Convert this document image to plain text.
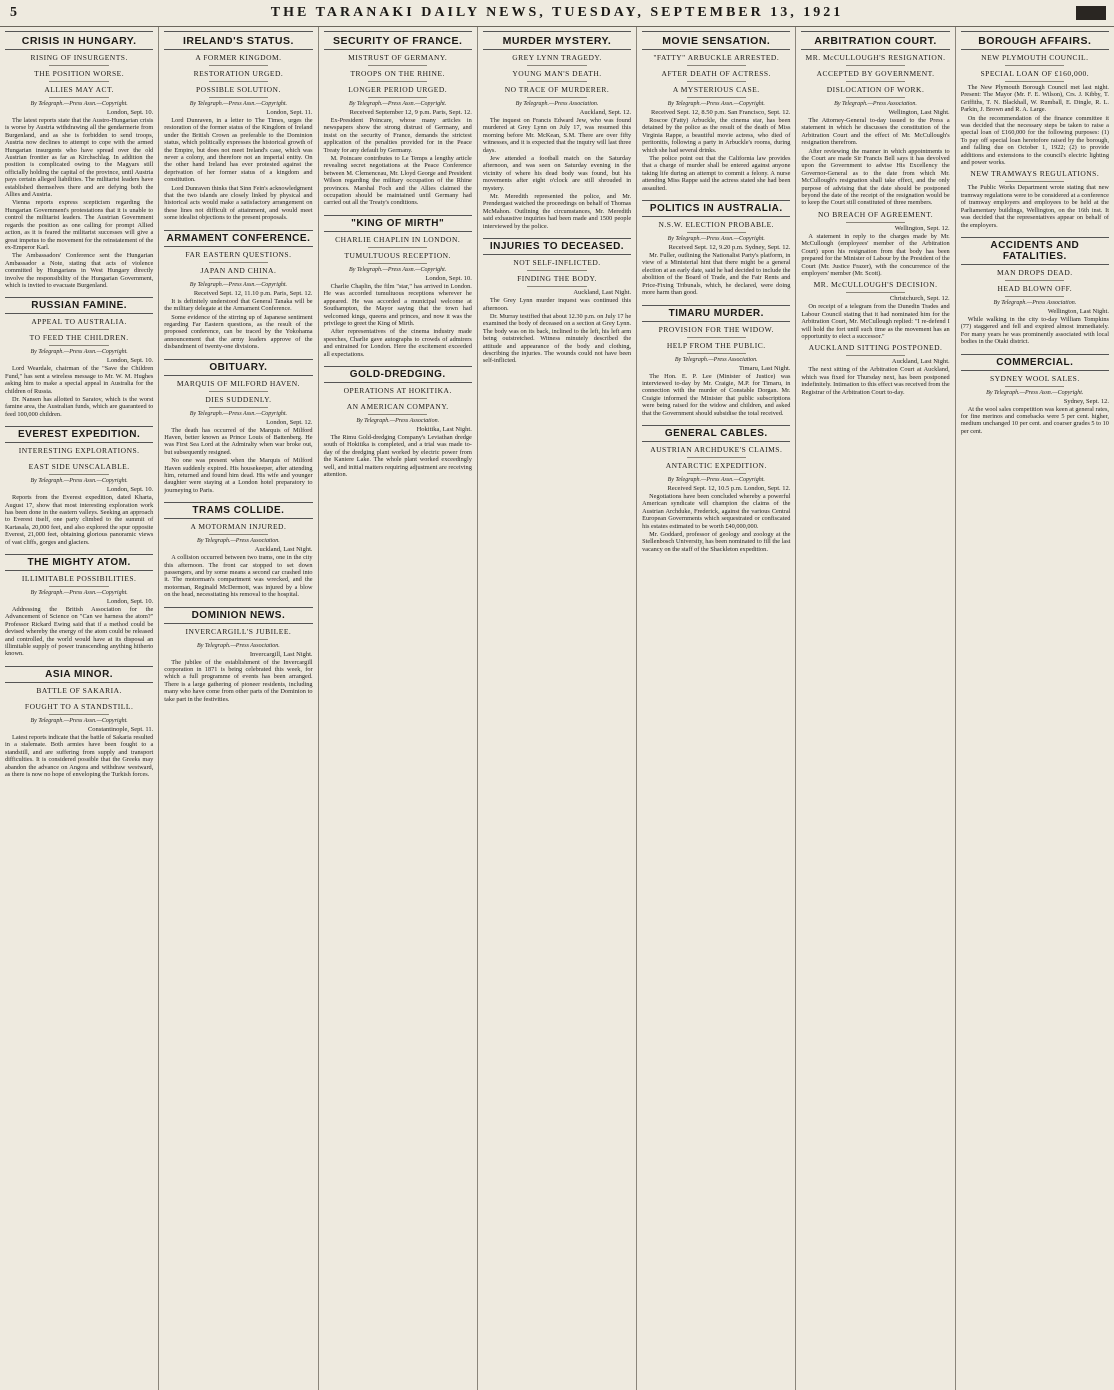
5	THE TARANAKI DAILY NEWS, TUESDAY, SEPTEMBER 13, 1921
CRISIS IN HUNGARY.
RISING OF INSURGENTS.
THE POSITION WORSE.
ALLIES MAY ACT.
By Telegraph.—Press Assn.—Copyright.
London, Sept. 10.

The latest reports state that the Austro-Hungarian crisis is worse by Austria withdrawing all the gendarmerie from Burgenland, and as she is forbidden to send troops, Austria now declines to attempt to cope with the armed Hungarian insurgents who have spread over the old Austrian frontier as far as Kirchschlag. In addition the position is complicated owing to the Magyars still officially holding the capital of the province, until Austria pays certain alleged liabilities. The militarist leaders have established themselves there and are defying both the Allies and Austria.

Vienna reports express scepticism regarding the Hungarian Government's protestations that it is unable to control the militarist leaders. The Austrian Government regards the position as one calling for prompt Allied action, as it is feared the militarist successes will give a great impetus to the movement for the reinstatement of the ex-Emperor Karl.

The Ambassadors' Conference sent the Hungarian Ambassador a Note, stating that acts of violence committed by Hungarians in West Hungary directly involve the responsibility of the Hungarian Government, which is invited to evacuate Burgenland.

RUSSIAN FAMINE.
APPEAL TO AUSTRALIA.
TO FEED THE CHILDREN.
By Telegraph.—Press Assn.—Copyright.
London, Sept. 10.

Lord Weardale, chairman of the "Save the Children Fund," has sent a wireless message to Mr. W. M. Hughes asking him to make a special appeal in Australia for the children of Russia.

Dr. Nansen has allotted to Saratov, which is the worst famine area, the Australian funds, which are guaranteed to feed 100,000 children.

EVEREST EXPEDITION.
INTERESTING EXPLORATIONS.
EAST SIDE UNSCALABLE.
By Telegraph.—Press Assn.—Copyright.
London, Sept. 10.

Reports from the Everest expedition, dated Kharta, August 17, show that most interesting exploration work has been done in the eastern valleys. Seeking an approach to Everest itself, one party climbed to the summit of Kartasala, 20,000 feet, and also explored the spur opposite Everest, 21,000 feet, obtaining glorious panoramic views of vast cliffs, gorges and glaciers.

THE MIGHTY ATOM.
ILLIMITABLE POSSIBILITIES.
By Telegraph.—Press Assn.—Copyright.
London, Sept. 10.

Addressing the British Association for the Advancement of Science on "Can we harness the atom?" Professor Rickard Ewing said that if a method could be devised whereby the energy of the atom could be released and controlled, the world would have at its disposal an illimitable supply of power transcending anything hitherto known.

ASIA MINOR.
BATTLE OF SAKARIA.
FOUGHT TO A STANDSTILL.
By Telegraph.—Press Assn.—Copyright.
Constantinople, Sept. 11.

Latest reports indicate that the battle of Sakaria resulted in a stalemate. Both armies have been fought to a standstill, and are suffering from supply and transport difficulties. It is considered possible that the Greeks may abandon the advance on Angora and withdraw westward, as there is now no hope of enveloping the Turkish forces.

IRELAND'S STATUS.
A FORMER KINGDOM.
RESTORATION URGED.
POSSIBLE SOLUTION.
By Telegraph.—Press Assn.—Copyright.
London, Sept. 11.

Lord Dunraven, in a letter to The Times, urges the restoration of the former status of the Kingdom of Ireland under the British Crown as preferable to the Dominion status, which politically expresses the historical growth of the Empire, but does not meet Ireland's case, which was never a colony, and therefore not an imperial entity. On the other hand Ireland has ever protested against the deprivation of her former status of a kingdom and constitution.

Lord Dunraven thinks that Sinn Fein's acknowledgment that the two islands are closely linked by physical and historical acts would make a satisfactory arrangement on these lines not difficult of attainment, and would meet some idealist objections to the present proposals.

ARMAMENT CONFERENCE.
FAR EASTERN QUESTIONS.
JAPAN AND CHINA.
By Telegraph.—Press Assn.—Copyright.
Received Sept. 12, 11.10 p.m. Paris, Sept. 12.

It is definitely understood that General Tanaka will be the military delegate at the Armament Conference.

Some evidence of the stirring up of Japanese sentiment regarding Far Eastern questions, as the result of the proposed conference, can be traced by the Yokohama announcement that the army leaders approve of the disbandment of twenty-one divisions.

OBITUARY.
MARQUIS OF MILFORD HAVEN.
DIES SUDDENLY.
By Telegraph.—Press Assn.—Copyright.
London, Sept. 12.

The death has occurred of the Marquis of Milford Haven, better known as Prince Louis of Battenberg. He was First Sea Lord at the Admiralty when war broke out, but subsequently resigned.

No one was present when the Marquis of Milford Haven suddenly expired. His housekeeper, after attending him, returned and found him dead. His wife and younger daughter were staying at a London hotel preparatory to journeying to Paris.

TRAMS COLLIDE.
A MOTORMAN INJURED.
By Telegraph.—Press Association.
Auckland, Last Night.

A collision occurred between two trams, one in the city this afternoon. The front car stopped to set down passengers, and by some means a second car crashed into it. The motorman's compartment was wrecked, and the motorman, Reginald McDermott, was injured by a blow on the head, necessitating his removal to the hospital.

DOMINION NEWS.
INVERCARGILL'S JUBILEE.
By Telegraph.—Press Association.
Invercargill, Last Night.

The jubilee of the establishment of the Invercargill corporation in 1871 is being celebrated this week, for which a full programme of events has been arranged. There is a large gathering of pioneer residents, including many who have come from other parts of the Dominion to take part in the festivities.

SECURITY OF FRANCE.
MISTRUST OF GERMANY.
TROOPS ON THE RHINE.
LONGER PERIOD URGED.
By Telegraph.—Press Assn.—Copyright.
Received September 12, 9 p.m. Paris, Sept. 12.

Ex-President Poincare, whose many articles in newspapers show the strong distrust of Germany, and insist on the security of France, demands the strictest application of the penalties provided for in the Peace Treaty for any default by Germany.

M. Poincare contributes to Le Temps a lengthy article revealing secret negotiations at the Peace Conference between M. Clemenceau, Mr. Lloyd George and President Wilson regarding the military occupation of the Rhine provinces. Marshal Foch and the Allies claimed the occupation should be maintained until Germany had carried out all the Treaty's conditions.

"KING OF MIRTH"
CHARLIE CHAPLIN IN LONDON.
TUMULTUOUS RECEPTION.
By Telegraph.—Press Assn.—Copyright.
London, Sept. 10.

Charlie Chaplin, the film "star," has arrived in London. He was accorded tumultuous receptions wherever he appeared. He was accorded a municipal welcome at Southampton, the Mayor saying that the town had welcomed kings, queens and princes, and now it was the privilege to greet the King of Mirth.

After representatives of the cinema industry made speeches, Charlie gave autographs to crowds of admirers and entrained for London. Here the excitement exceeded all expectations.

GOLD-DREDGING.
OPERATIONS AT HOKITIKA.
AN AMERICAN COMPANY.
By Telegraph.—Press Association.
Hokitika, Last Night.

The Rimu Gold-dredging Company's Leviathan dredge south of Hokitika is completed, and a trial was made to-day of the dredging plant worked by electric power from the Kaniere Lake. The whole plant worked exceedingly well, and initial matters requiring adjustment are receiving attention.

MURDER MYSTERY.
GREY LYNN TRAGEDY.
YOUNG MAN'S DEATH.
NO TRACE OF MURDERER.
By Telegraph.—Press Association.
Auckland, Sept. 12.

The inquest on Francis Edward Jew, who was found murdered at Grey Lynn on July 17, was resumed this morning before Mr. McKean, S.M. There are over fifty witnesses, and it is expected that the inquiry will last three days.

Jew attended a football match on the Saturday afternoon, and was seen on Saturday evening in the vicinity of where his dead body was found, but his movements after eight o'clock are still shrouded in mystery.

Mr. Meredith represented the police, and Mr. Prendergast watched the proceedings on behalf of Thomas McMahon. Outlining the circumstances, Mr. Meredith said exhaustive inquiries had been made and 1500 people interviewed by the police.

INJURIES TO DECEASED.
NOT SELF-INFLICTED.
FINDING THE BODY.
Auckland, Last Night.

The Grey Lynn murder inquest was continued this afternoon.

Dr. Murray testified that about 12.30 p.m. on July 17 he examined the body of deceased on a section at Grey Lynn. The body was on its back, inclined to the left, his left arm being outstretched. Witness minutely described the attitude and appearance of the body and clothing, describing the injuries. The wounds could not have been self-inflicted.

MOVIE SENSATION.
"FATTY" ARBUCKLE ARRESTED.
AFTER DEATH OF ACTRESS.
A MYSTERIOUS CASE.
By Telegraph.—Press Assn.—Copyright.
Received Sept. 12, 8.50 p.m. San Francisco, Sept. 12.

Roscoe (Fatty) Arbuckle, the cinema star, has been detained by the police as the result of the death of Miss Virginia Rappe, a beautiful movie actress, who died of peritonitis, following a party in Arbuckle's rooms, during which she had several drinks.

The police point out that the California law provides that a charge of murder shall be entered against anyone taking life during an attempt to commit a felony. A nurse attending Miss Rappe said the actress stated she had been assaulted.

POLITICS IN AUSTRALIA.
N.S.W. ELECTION PROBABLE.
By Telegraph.—Press Assn.—Copyright.
Received Sept. 12, 9.20 p.m. Sydney, Sept. 12.

Mr. Fuller, outlining the Nationalist Party's platform, in view of a Ministerial hint that there might be a general election at an early date, said he had decided to include the abolition of the Board of Trade, and the Fair Rents and Price-Fixing Tribunals, which, he declared, were doing more harm than good.

TIMARU MURDER.
PROVISION FOR THE WIDOW.
HELP FROM THE PUBLIC.
By Telegraph.—Press Association.
Timaru, Last Night.

The Hon. E. P. Lee (Minister of Justice) was interviewed to-day by Mr. Craigie, M.P. for Timaru, in connection with the murder of Constable Dorgan. Mr. Craigie informed the Minister that public subscriptions were being raised for the widow and children, and asked that the Government should subsidise the total received.

GENERAL CABLES.
AUSTRIAN ARCHDUKE'S CLAIMS.
ANTARCTIC EXPEDITION.
By Telegraph.—Press Assn.—Copyright.
Received Sept. 12, 10.5 p.m. London, Sept. 12.

Negotiations have been concluded whereby a powerful American syndicate will champion the claims of the Austrian Archduke, Frederick, against the various Central European Governments which sequestrated or confiscated his estates estimated to be worth £40,000,000.

Mr. Goddard, professor of geology and zoology at the Stellenbosch University, has been nominated to fill the last vacancy on the staff of the Shackleton expedition.

ARBITRATION COURT.
MR. McCULLOUGH'S RESIGNATION.
ACCEPTED BY GOVERNMENT.
DISLOCATION OF WORK.
By Telegraph.—Press Association.
Wellington, Last Night.

The Attorney-General to-day issued to the Press a statement in which he discusses the constitution of the Arbitration Court and the effect of Mr. McCullough's resignation therefrom.

After reviewing the manner in which appointments to the Court are made Sir Francis Bell says it has devolved upon the Government to advise His Excellency the Governor-General as to the date from which Mr. McCullough's resignation shall take effect, and the only purpose of advising that the date should be postponed beyond the date of the receipt of the resignation would be to keep the Court still constituted of three members.

NO BREACH OF AGREEMENT.
Wellington, Sept. 12.

A statement in reply to the charges made by Mr. McCullough (employees' member of the Arbitration Court) upon his resignation from that body has been prepared for the Minister of Labour by the President of the Court (Mr. Justice Frazer), with the concurrence of the employers' member (Mr. Scott).

MR. McCULLOUGH'S DECISION.
Christchurch, Sept. 12.

On receipt of a telegram from the Dunedin Trades and Labour Council stating that it had nominated him for the Arbitration Court, Mr. McCullough replied: "I re-defend I will hold the fort until such time as the movement has an opportunity to elect a successor."

AUCKLAND SITTING POSTPONED.
Auckland, Last Night.

The next sitting of the Arbitration Court at Auckland, which was fixed for Thursday next, has been postponed indefinitely. Intimation to this effect was received from the Registrar of the Arbitration Court to-day.

BOROUGH AFFAIRS.
NEW PLYMOUTH COUNCIL.
SPECIAL LOAN OF £160,000.

The New Plymouth Borough Council met last night. Present: The Mayor (Mr. F. E. Wilson), Crs. J. Kibby, T. Griffiths, T. N. Blackhall, W. Rumball, E. Dingle, R. L. Parkin, J. Brown and R. A. Large.

On the recommendation of the finance committee it was decided that the necessary steps be taken to raise a special loan of £160,000 for the following purposes: (1) To pay off special loan heretofore raised by the borough, and falling due on October 1, 1922; (2) to provide additions and extensions to the council's electric lighting and power works.

NEW TRAMWAYS REGULATIONS.

The Public Works Department wrote stating that new tramway regulations were to be considered at a conference of tramway employers and employees to be held at the Parliamentary buildings, Wellington, on the 16th inst. It was decided that the representatives appear on behalf of the employers.

ACCIDENTS AND FATALITIES.
MAN DROPS DEAD.
HEAD BLOWN OFF.
By Telegraph.—Press Association.
Wellington, Last Night.

While walking in the city to-day William Tompkins (77) staggered and fell and expired almost immediately. For many years he was prominently associated with local bodies in the Otaki district.

COMMERCIAL.
SYDNEY WOOL SALES.
By Telegraph.—Press Assn.—Copyright.
Sydney, Sept. 12.

At the wool sales competition was keen at general rates, for fine merinos and comebacks were 5 per cent. higher, medium unchanged 10 per cent. and coarser grades 5 to 10 per cent.
